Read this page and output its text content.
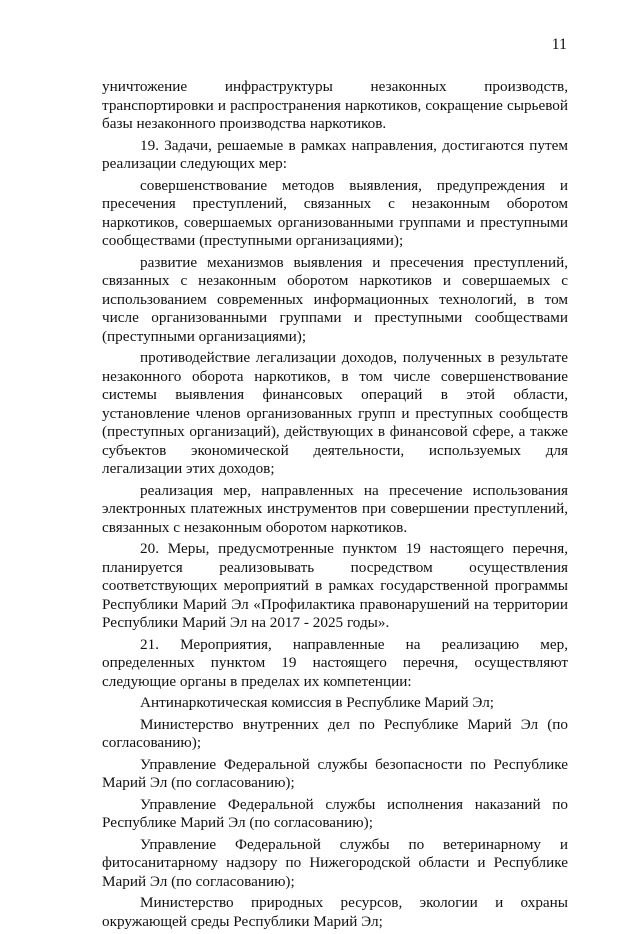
11

уничтожение инфраструктуры незаконных производств, транспортировки и распространения наркотиков, сокращение сырьевой базы незаконного производства наркотиков.

19. Задачи, решаемые в рамках направления, достигаются путем реализации следующих мер:

совершенствование методов выявления, предупреждения и пресечения преступлений, связанных с незаконным оборотом наркотиков, совершаемых организованными группами и преступными сообществами (преступными организациями);

развитие механизмов выявления и пресечения преступлений, связанных с незаконным оборотом наркотиков и совершаемых с использованием современных информационных технологий, в том числе организованными группами и преступными сообществами (преступными организациями);

противодействие легализации доходов, полученных в результате незаконного оборота наркотиков, в том числе совершенствование системы выявления финансовых операций в этой области, установление членов организованных групп и преступных сообществ (преступных организаций), действующих в финансовой сфере, а также субъектов экономической деятельности, используемых для легализации этих доходов;

реализация мер, направленных на пресечение использования электронных платежных инструментов при совершении преступлений, связанных с незаконным оборотом наркотиков.

20. Меры, предусмотренные пунктом 19 настоящего перечня, планируется реализовывать посредством осуществления соответствующих мероприятий в рамках государственной программы Республики Марий Эл «Профилактика правонарушений на территории Республики Марий Эл на 2017 - 2025 годы».

21. Мероприятия, направленные на реализацию мер, определенных пунктом 19 настоящего перечня, осуществляют следующие органы в пределах их компетенции:

Антинаркотическая комиссия в Республике Марий Эл;

Министерство внутренних дел по Республике Марий Эл (по согласованию);

Управление Федеральной службы безопасности по Республике Марий Эл (по согласованию);

Управление Федеральной службы исполнения наказаний по Республике Марий Эл (по согласованию);

Управление Федеральной службы по ветеринарному и фитосанитарному надзору по Нижегородской области и Республике Марий Эл (по согласованию);

Министерство природных ресурсов, экологии и охраны окружающей среды Республики Марий Эл;
